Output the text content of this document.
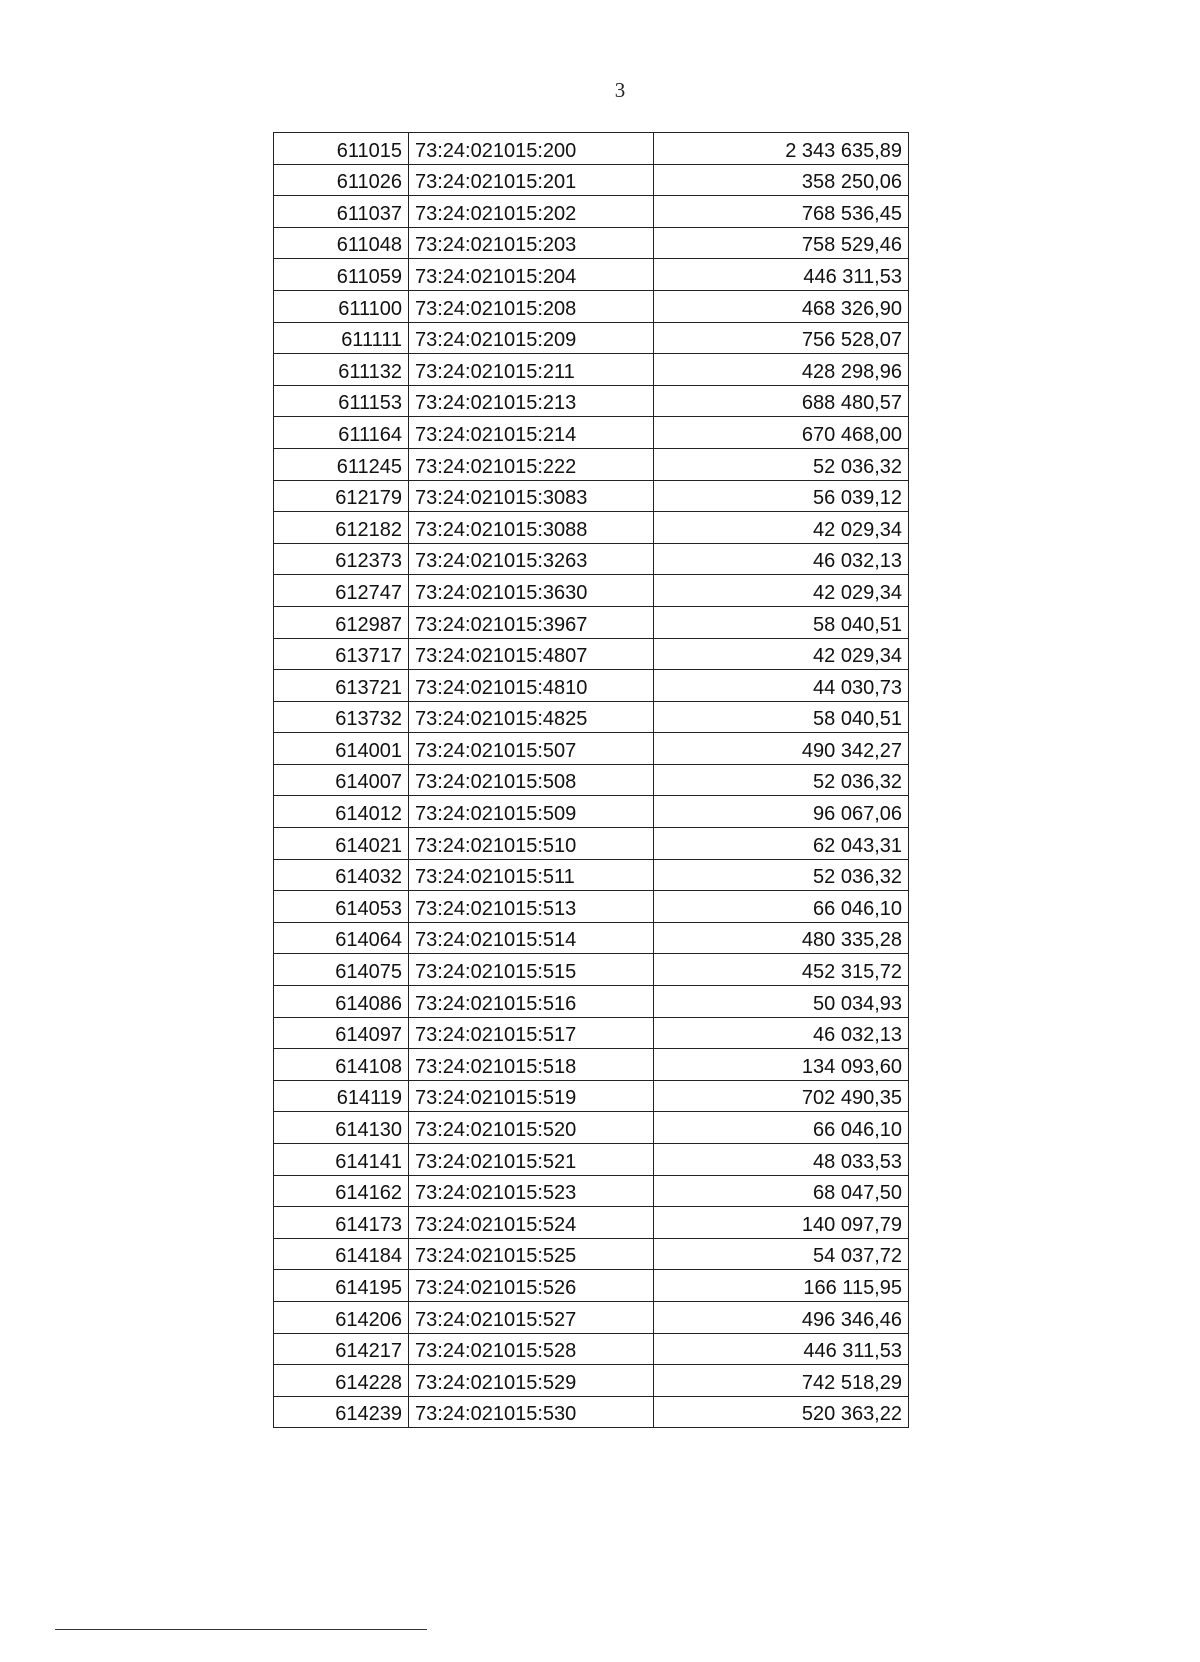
3
611015	73:24:021015:200	2 343 635,89
611026	73:24:021015:201	358 250,06
611037	73:24:021015:202	768 536,45
611048	73:24:021015:203	758 529,46
611059	73:24:021015:204	446 311,53
611100	73:24:021015:208	468 326,90
611111	73:24:021015:209	756 528,07
611132	73:24:021015:211	428 298,96
611153	73:24:021015:213	688 480,57
611164	73:24:021015:214	670 468,00
611245	73:24:021015:222	52 036,32
612179	73:24:021015:3083	56 039,12
612182	73:24:021015:3088	42 029,34
612373	73:24:021015:3263	46 032,13
612747	73:24:021015:3630	42 029,34
612987	73:24:021015:3967	58 040,51
613717	73:24:021015:4807	42 029,34
613721	73:24:021015:4810	44 030,73
613732	73:24:021015:4825	58 040,51
614001	73:24:021015:507	490 342,27
614007	73:24:021015:508	52 036,32
614012	73:24:021015:509	96 067,06
614021	73:24:021015:510	62 043,31
614032	73:24:021015:511	52 036,32
614053	73:24:021015:513	66 046,10
614064	73:24:021015:514	480 335,28
614075	73:24:021015:515	452 315,72
614086	73:24:021015:516	50 034,93
614097	73:24:021015:517	46 032,13
614108	73:24:021015:518	134 093,60
614119	73:24:021015:519	702 490,35
614130	73:24:021015:520	66 046,10
614141	73:24:021015:521	48 033,53
614162	73:24:021015:523	68 047,50
614173	73:24:021015:524	140 097,79
614184	73:24:021015:525	54 037,72
614195	73:24:021015:526	166 115,95
614206	73:24:021015:527	496 346,46
614217	73:24:021015:528	446 311,53
614228	73:24:021015:529	742 518,29
614239	73:24:021015:530	520 363,22
